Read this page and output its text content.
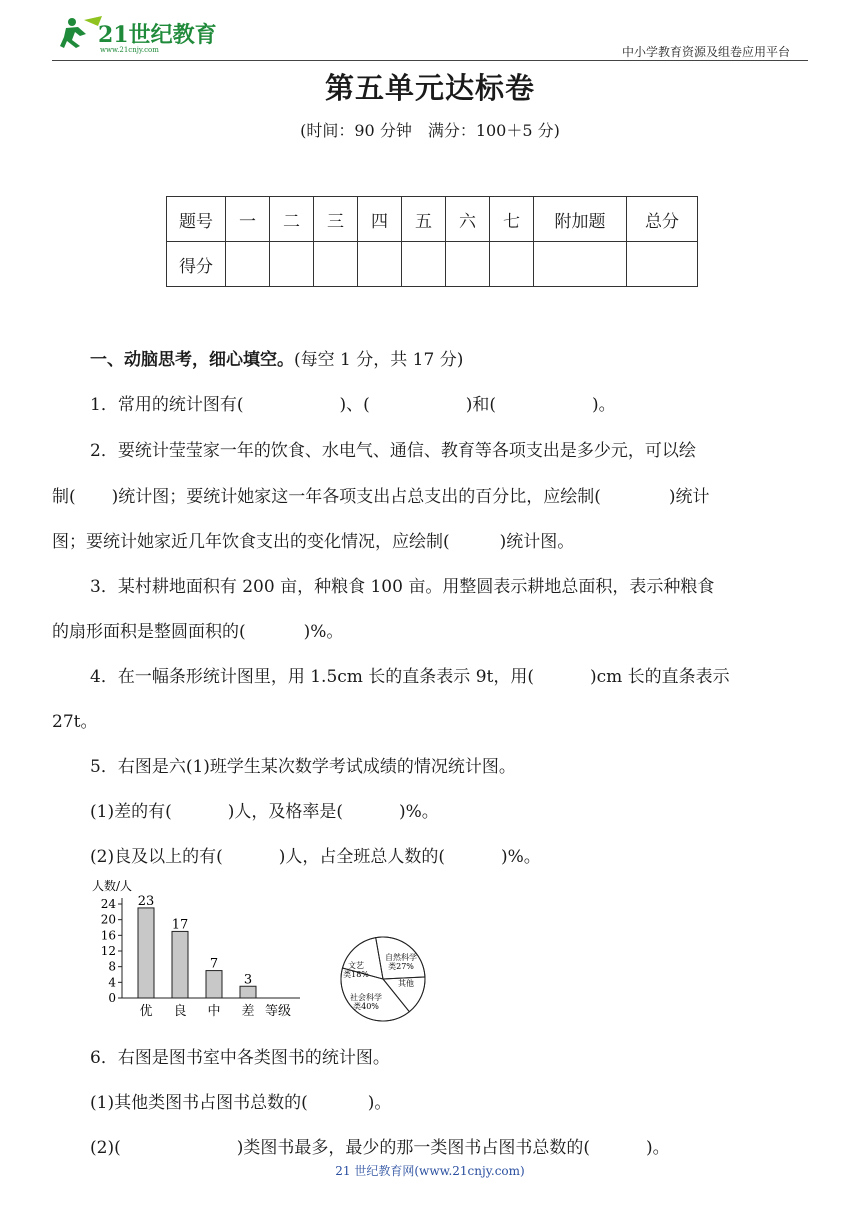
21世纪教育
www.21cnjy.com	中小学教育资源及组卷应用平台
第五单元达标卷
(时间：90 分钟　满分：100＋5 分)
题号	一	二	三	四	五	六	七	附加题	总分
得分									
一、动脑思考，细心填空。(每空 1 分，共 17 分)
1．常用的统计图有(	)、(	)和(	)。
2．要统计莹莹家一年的饮食、水电气、通信、教育等各项支出是多少元，可以绘
制( )统计图；要统计她家这一年各项支出占总支出的百分比，应绘制(	)统计
图；要统计她家近几年饮食支出的变化情况，应绘制(	)统计图。
3．某村耕地面积有 200 亩，种粮食 100 亩。用整圆表示耕地总面积，表示种粮食
的扇形面积是整圆面积的(	)%。
4．在一幅条形统计图里，用 1.5cm 长的直条表示 9t，用(	)cm 长的直条表示
27t。
5．右图是六(1)班学生某次数学考试成绩的情况统计图。
(1)差的有(	)人，及格率是(	)%。
(2)良及以上的有(	)人，占全班总人数的(	)%。
人数/人
0
4
8
12
16
20
24 23
优
17
良
7
中
3
差 等级
自然科学类27%
其他
社会科学类40%
文艺类18%
6．右图是图书室中各类图书的统计图。
(1)其他类图书占图书总数的(	)。
(2)(	)类图书最多，最少的那一类图书占图书总数的(	)。
21 世纪教育网(www.21cnjy.com)
